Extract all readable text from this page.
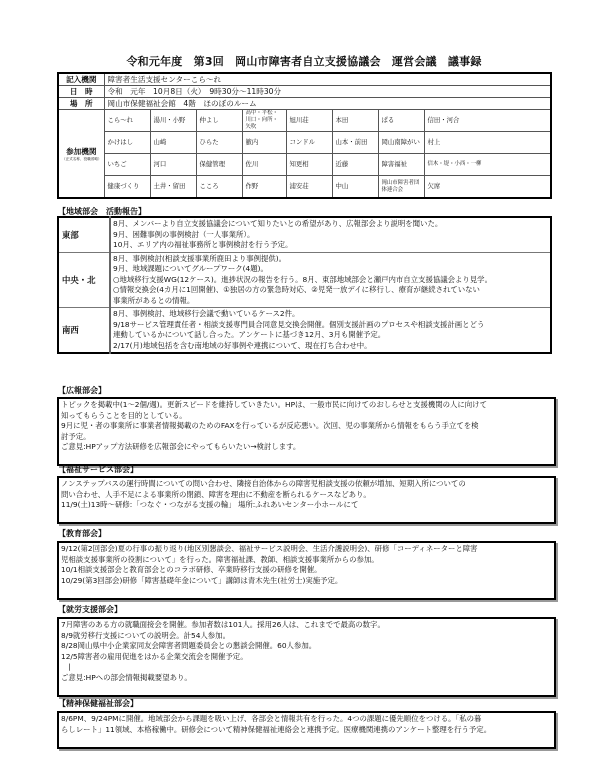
令和元年度　第3回　岡山市障害者自立支援協議会　運営会議　議事録
記入機関	障害者生活支援センターこら～れ							
日　時	令和　元年　10月8日（火）　9時30分～11時30分							
場　所	岡山市保健福祉会館　4階　ほのぼのルーム							
参加機関
（正式名称、役職省略）	こら～れ	湯川・小野	仲よし	高中・平松・川口・向所・矢吹	旭川荘	本田	ぱる	信田・河合
	かけはし	山崎	ひらた	籔内	コンドル	山本・前田	岡山南障がい	村上
	いちご	河口	保健管理	佐川	知更相	近藤	障害福祉	信木・堤・小西・一柳
	健康づくり	土井・留田	こころ	作野	浦安荘	中山	岡山市障害者団体連合会	欠席
【地域部会　活動報告】
東部	8月、メンバーより自立支援協議会について知りたいとの希望があり、広報部会より説明を聞いた。
9月、困難事例の事例検討（一人事業所）。
10月、エリア内の福祉事務所と事例検討を行う予定。

中央・北	8月、事例検討(相談支援事業所鹿田より事例提供)。
9月、地域課題についてグループワーク(4題)。
○地域移行支援WG(12ケース)。進捗状況の報告を行う。8月、東部地域部会と瀬戸内市自立支援協議会より見学。
○情報交換会(4カ月に1回開催)、①独居の方の緊急時対応、②児発一放デイに移行し、療育が継続されていない
事業所があるとの情報。

南西	8月、事例検討、地域移行会議で動いているケース2件。
9/18サービス管理責任者・相談支援専門員合同意見交換会開催。個別支援計画のプロセスや相談支援計画とどう
連動しているかについて話し合った。アンケートに基づき12月、3月も開催予定。
2/17(月)地域包括を含む南地域の好事例や連携について、現在打ち合わせ中。
【広報部会】
トピックを掲載中(1～2個/週)。更新スピードを維持していきたい。HPは、一般市民に向けてのおしらせと支援機関の人に向けて
知ってもらうことを目的としている。
9月に児・者の事業所に事業者情報掲載のためのFAXを行っているが反応悪い。次回、児の事業所から情報をもらう手立てを検
討予定。
ご意見:HPアップ方法研修を広報部会にやってもらいたい→検討します。

【福祉サービス部会】
ノンステップバスの運行時間についての問い合わせ、隣接自治体からの障害児相談支援の依頼が増加、短期入所についての
問い合わせ、人手不足による事業所の閉鎖、障害を理由に不動産を断られるケースなどあり。
11/9(土)13時～研修:「つなぐ・つながる支援の輪」 場所:ふれあいセンター小ホールにて

【教育部会】
9/12(第2回部会)夏の行事の振り返り(地区別懇談会、福祉サービス説明会、生活介護説明会)、研修「コーディネーターと障害
児相談支援事業所の役割について」を行った。障害福祉課、教師、相談支援事業所からの参加。
10/1相談支援部会と教育部会とのコラボ研修、卒業時移行支援の研修を開催。
10/29(第3回部会)研修「障害基礎年金について」講師は青木先生(社労士)実施予定。

【就労支援部会】
7月障害のある方の就職面接会を開催。参加者数は101人。採用26人は、これまでで最高の数字。
8/9就労移行支援についての説明会。計54人参加。
8/28岡山県中小企業家同友会障害者問題委員会との懇談会開催。60人参加。
12/5障害者の雇用促進をはかる企業交流会を開催予定。
　|
ご意見:HPへの部会情報掲載要望あり。

【精神保健福祉部会】
8/6PM、9/24PMに開催。地域部会から課題を吸い上げ、各部会と情報共有を行った。4つの課題に優先順位をつける。「私の暮
らしレート」11領域、本格稼働中。研修会について精神保健福祉連絡会と連携予定。医療機関連携のアンケート整理を行う予定。
